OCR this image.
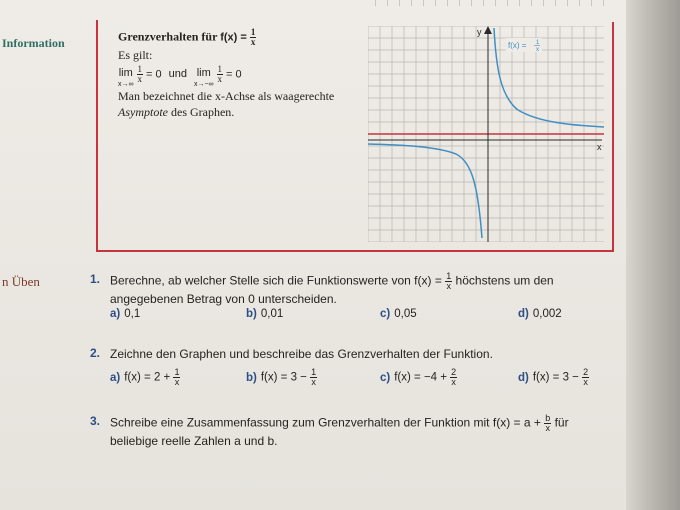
Information
n Üben
Grenzverhalten für $f(x) = \frac{1}{x}$
Es gilt:
lim
x→∞

$\frac{1}{x} = 0$ und lim
x→−∞

$\frac{1}{x} = 0$
Man bezeichnet die x-Achse als waagerechte
Asymptote des Graphen.
y
x
f(x) = 1
x
1. Berechne, ab welcher Stelle sich die Funktionswerte von $f(x) = \frac{1}{x}$ höchstens um den
angegebenen Betrag von 0 unterscheiden.
a) 0,1	b) 0,01	c) 0,05	d) 0,002
2. Zeichne den Graphen und beschreibe das Grenzverhalten der Funktion.
a) $f(x) = 2 + \frac{1}{x}$	b) $f(x) = 3 - \frac{1}{x}$	c) $f(x) = -4 + \frac{2}{x}$	d) $f(x) = 3 - \frac{2}{x}$
3. Schreibe eine Zusammenfassung zum Grenzverhalten der Funktion mit $f(x) = a + \frac{b}{x}$ für
beliebige reelle Zahlen a und b.
